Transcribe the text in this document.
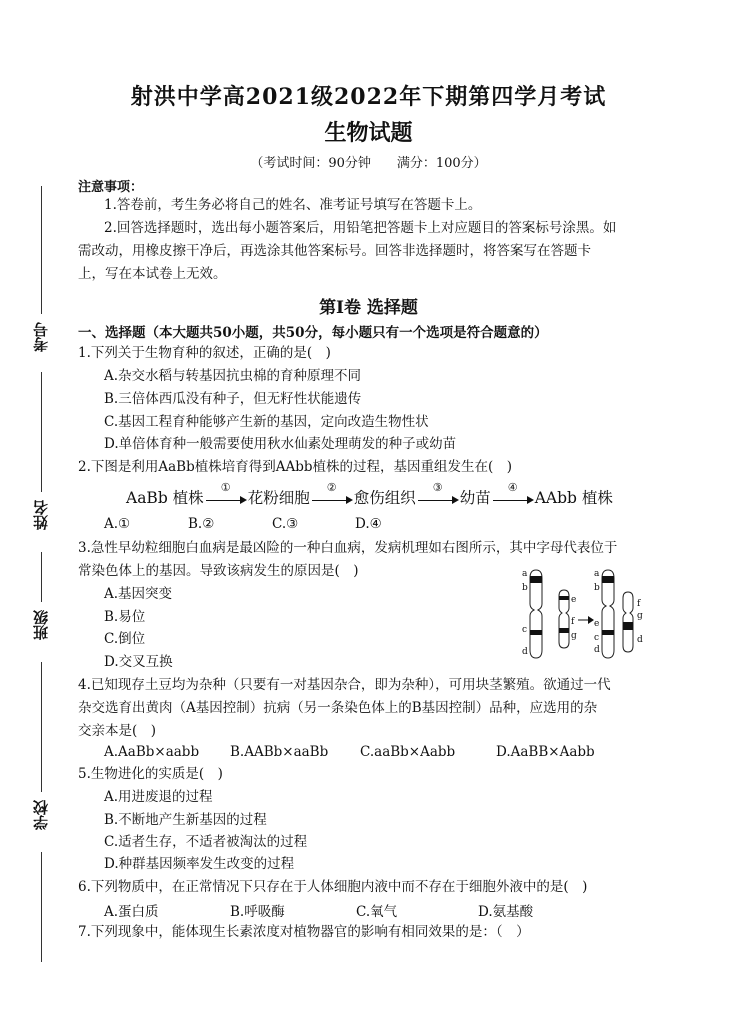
考号
姓名
班级
学校
射洪中学高2021级2022年下期第四学月考试
生物试题
（考试时间：90分钟　　满分：100分）
注意事项：
1.答卷前，考生务必将自己的姓名、准考证号填写在答题卡上。
2.回答选择题时，选出每小题答案后，用铅笔把答题卡上对应题目的答案标号涂黑。如
需改动，用橡皮擦干净后，再选涂其他答案标号。回答非选择题时，将答案写在答题卡
上，写在本试卷上无效。
第Ⅰ卷 选择题
一、选择题（本大题共50小题，共50分，每小题只有一个选项是符合题意的）
1.下列关于生物育种的叙述，正确的是(　)
A.杂交水稻与转基因抗虫棉的育种原理不同
B.三倍体西瓜没有种子，但无籽性状能遗传
C.基因工程育种能够产生新的基因，定向改造生物性状
D.单倍体育种一般需要使用秋水仙素处理萌发的种子或幼苗
2.下图是利用AaBb植株培育得到AAbb植株的过程，基因重组发生在(　)
AaBb 植株
①
花粉细胞
②
愈伤组织
③
幼苗
④
AAbb 植株
A.①	B.②	C.③	D.④
3.急性早幼粒细胞白血病是最凶险的一种白血病，发病机理如右图所示，其中字母代表位于
常染色体上的基因。导致该病发生的原因是(　)
A.基因突变
B.易位
C.倒位
D.交叉互换
a
b
c
d
e
f
g
a
b
e
c
d
f
g
d
4.已知现存土豆均为杂种（只要有一对基因杂合，即为杂种），可用块茎繁殖。欲通过一代
杂交选育出黄肉（A基因控制）抗病（另一条染色体上的B基因控制）品种，应选用的杂
交亲本是(　)
A.AaBb×aabb B.AABb×aaBb C.aaBb×Aabb	D.AaBB×Aabb
5.生物进化的实质是(　)
A.用进废退的过程
B.不断地产生新基因的过程
C.适者生存，不适者被淘汰的过程
D.种群基因频率发生改变的过程
6.下列物质中，在正常情况下只存在于人体细胞内液中而不存在于细胞外液中的是(　)
A.蛋白质	B.呼吸酶	C.氧气	D.氨基酸
7.下列现象中，能体现生长素浓度对植物器官的影响有相同效果的是：（　）
